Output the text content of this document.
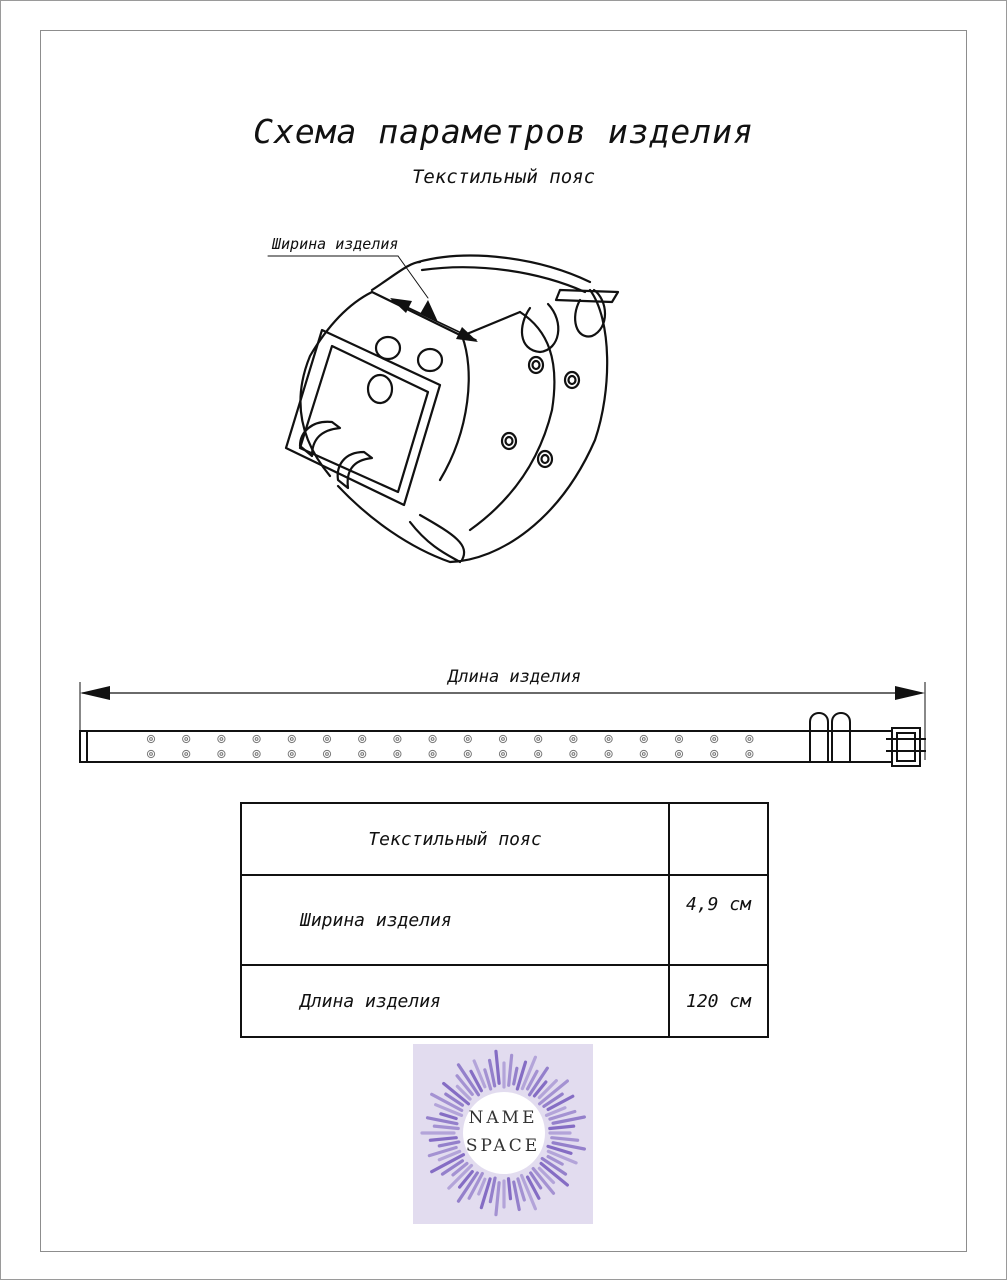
Схема параметров изделия
Текстильный пояс
Ширина изделия
Длина изделия
Текстильный пояс	
Ширина изделия	4,9 см
Длина изделия	120 см
NAME
SPACE
